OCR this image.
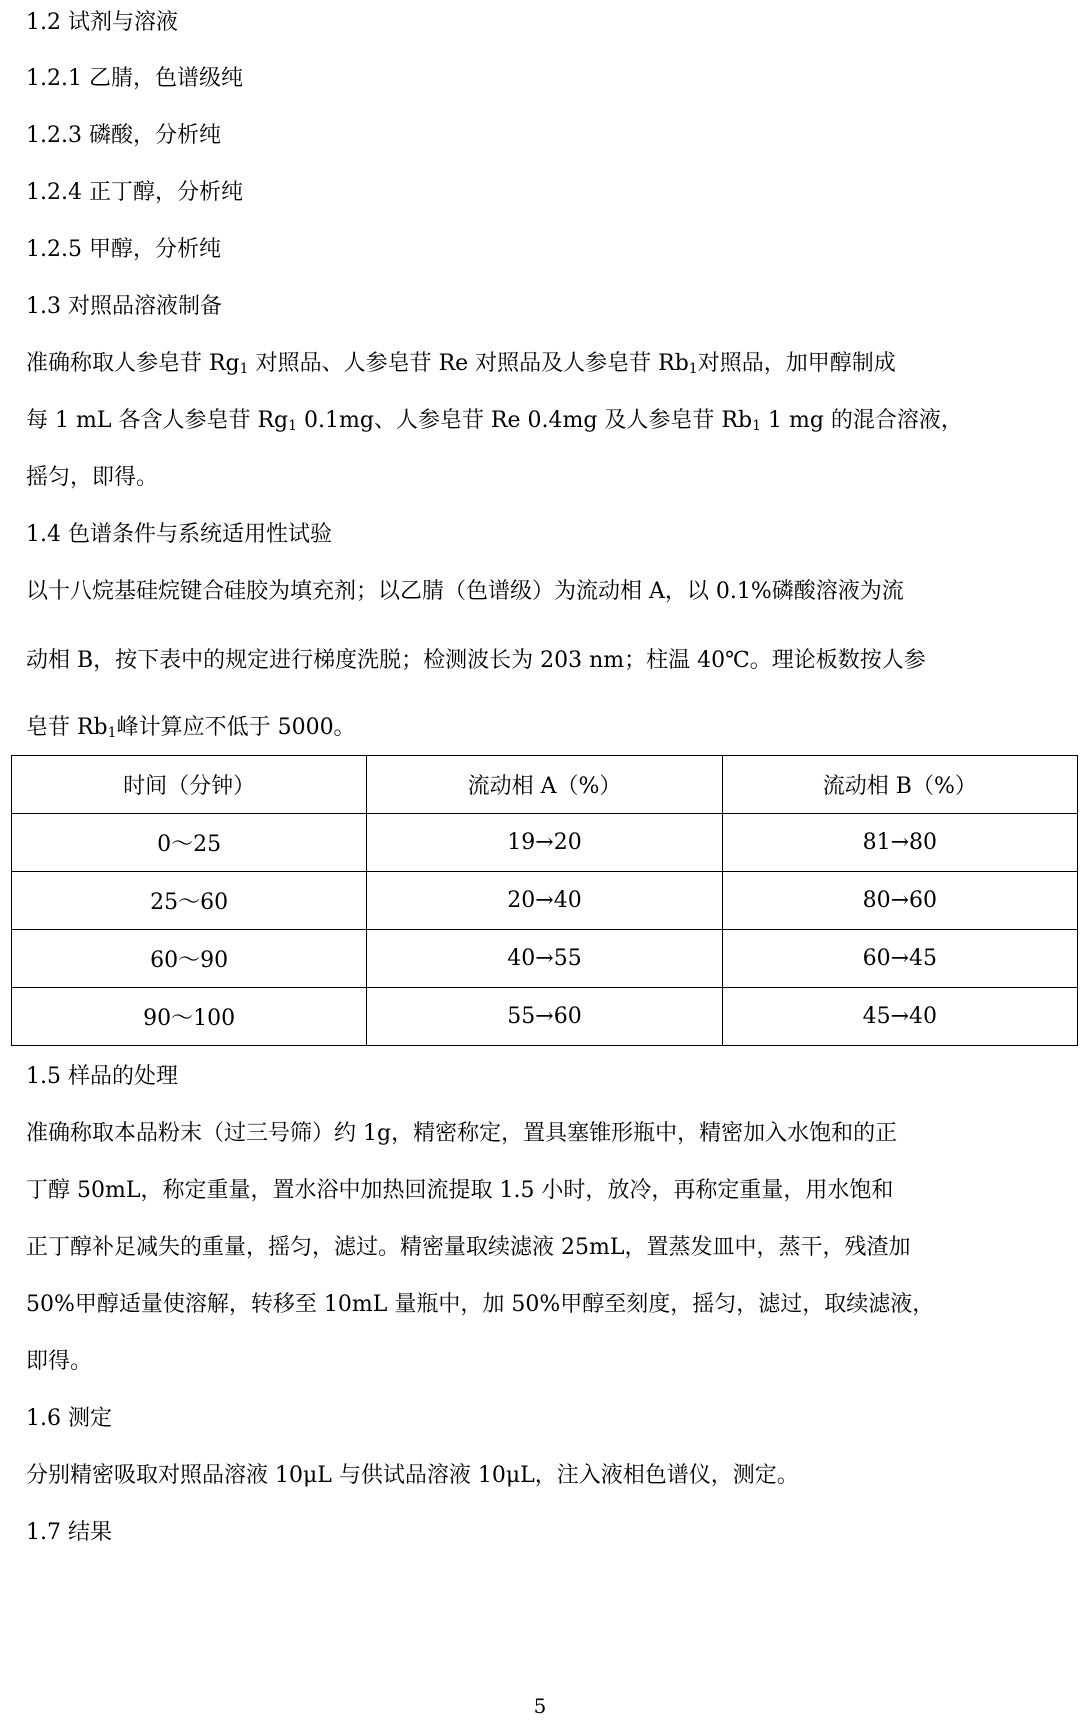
1.2 试剂与溶液
1.2.1 乙腈，色谱级纯
1.2.3 磷酸，分析纯
1.2.4 正丁醇，分析纯
1.2.5 甲醇，分析纯
1.3 对照品溶液制备
准确称取人参皂苷 $Rg_1$ 对照品、人参皂苷 Re 对照品及人参皂苷 $Rb_1$对照品，加甲醇制成
每 1 mL 各含人参皂苷 $Rg_1$ 0.1mg、人参皂苷 Re 0.4mg 及人参皂苷 $Rb_1$ 1 mg 的混合溶液，
摇匀，即得。
1.4 色谱条件与系统适用性试验
以十八烷基硅烷键合硅胶为填充剂；以乙腈（色谱级）为流动相 A，以 0.1%磷酸溶液为流
动相 B，按下表中的规定进行梯度洗脱；检测波长为 203 nm；柱温 40℃。理论板数按人参
皂苷 $Rb_1$峰计算应不低于 5000。
时间（分钟）	流动相 A（%）	流动相 B（%）
0～25	19→20	81→80
25～60	20→40	80→60
60～90	40→55	60→45
90～100	55→60	45→40
1.5 样品的处理
准确称取本品粉末（过三号筛）约 1g，精密称定，置具塞锥形瓶中，精密加入水饱和的正
丁醇 50mL，称定重量，置水浴中加热回流提取 1.5 小时，放冷，再称定重量，用水饱和
正丁醇补足减失的重量，摇匀，滤过。精密量取续滤液 25mL，置蒸发皿中，蒸干，残渣加
50%甲醇适量使溶解，转移至 10mL 量瓶中，加 50%甲醇至刻度，摇匀，滤过，取续滤液，
即得。
1.6 测定
分别精密吸取对照品溶液 10μL 与供试品溶液 10μL，注入液相色谱仪，测定。
1.7 结果
5
